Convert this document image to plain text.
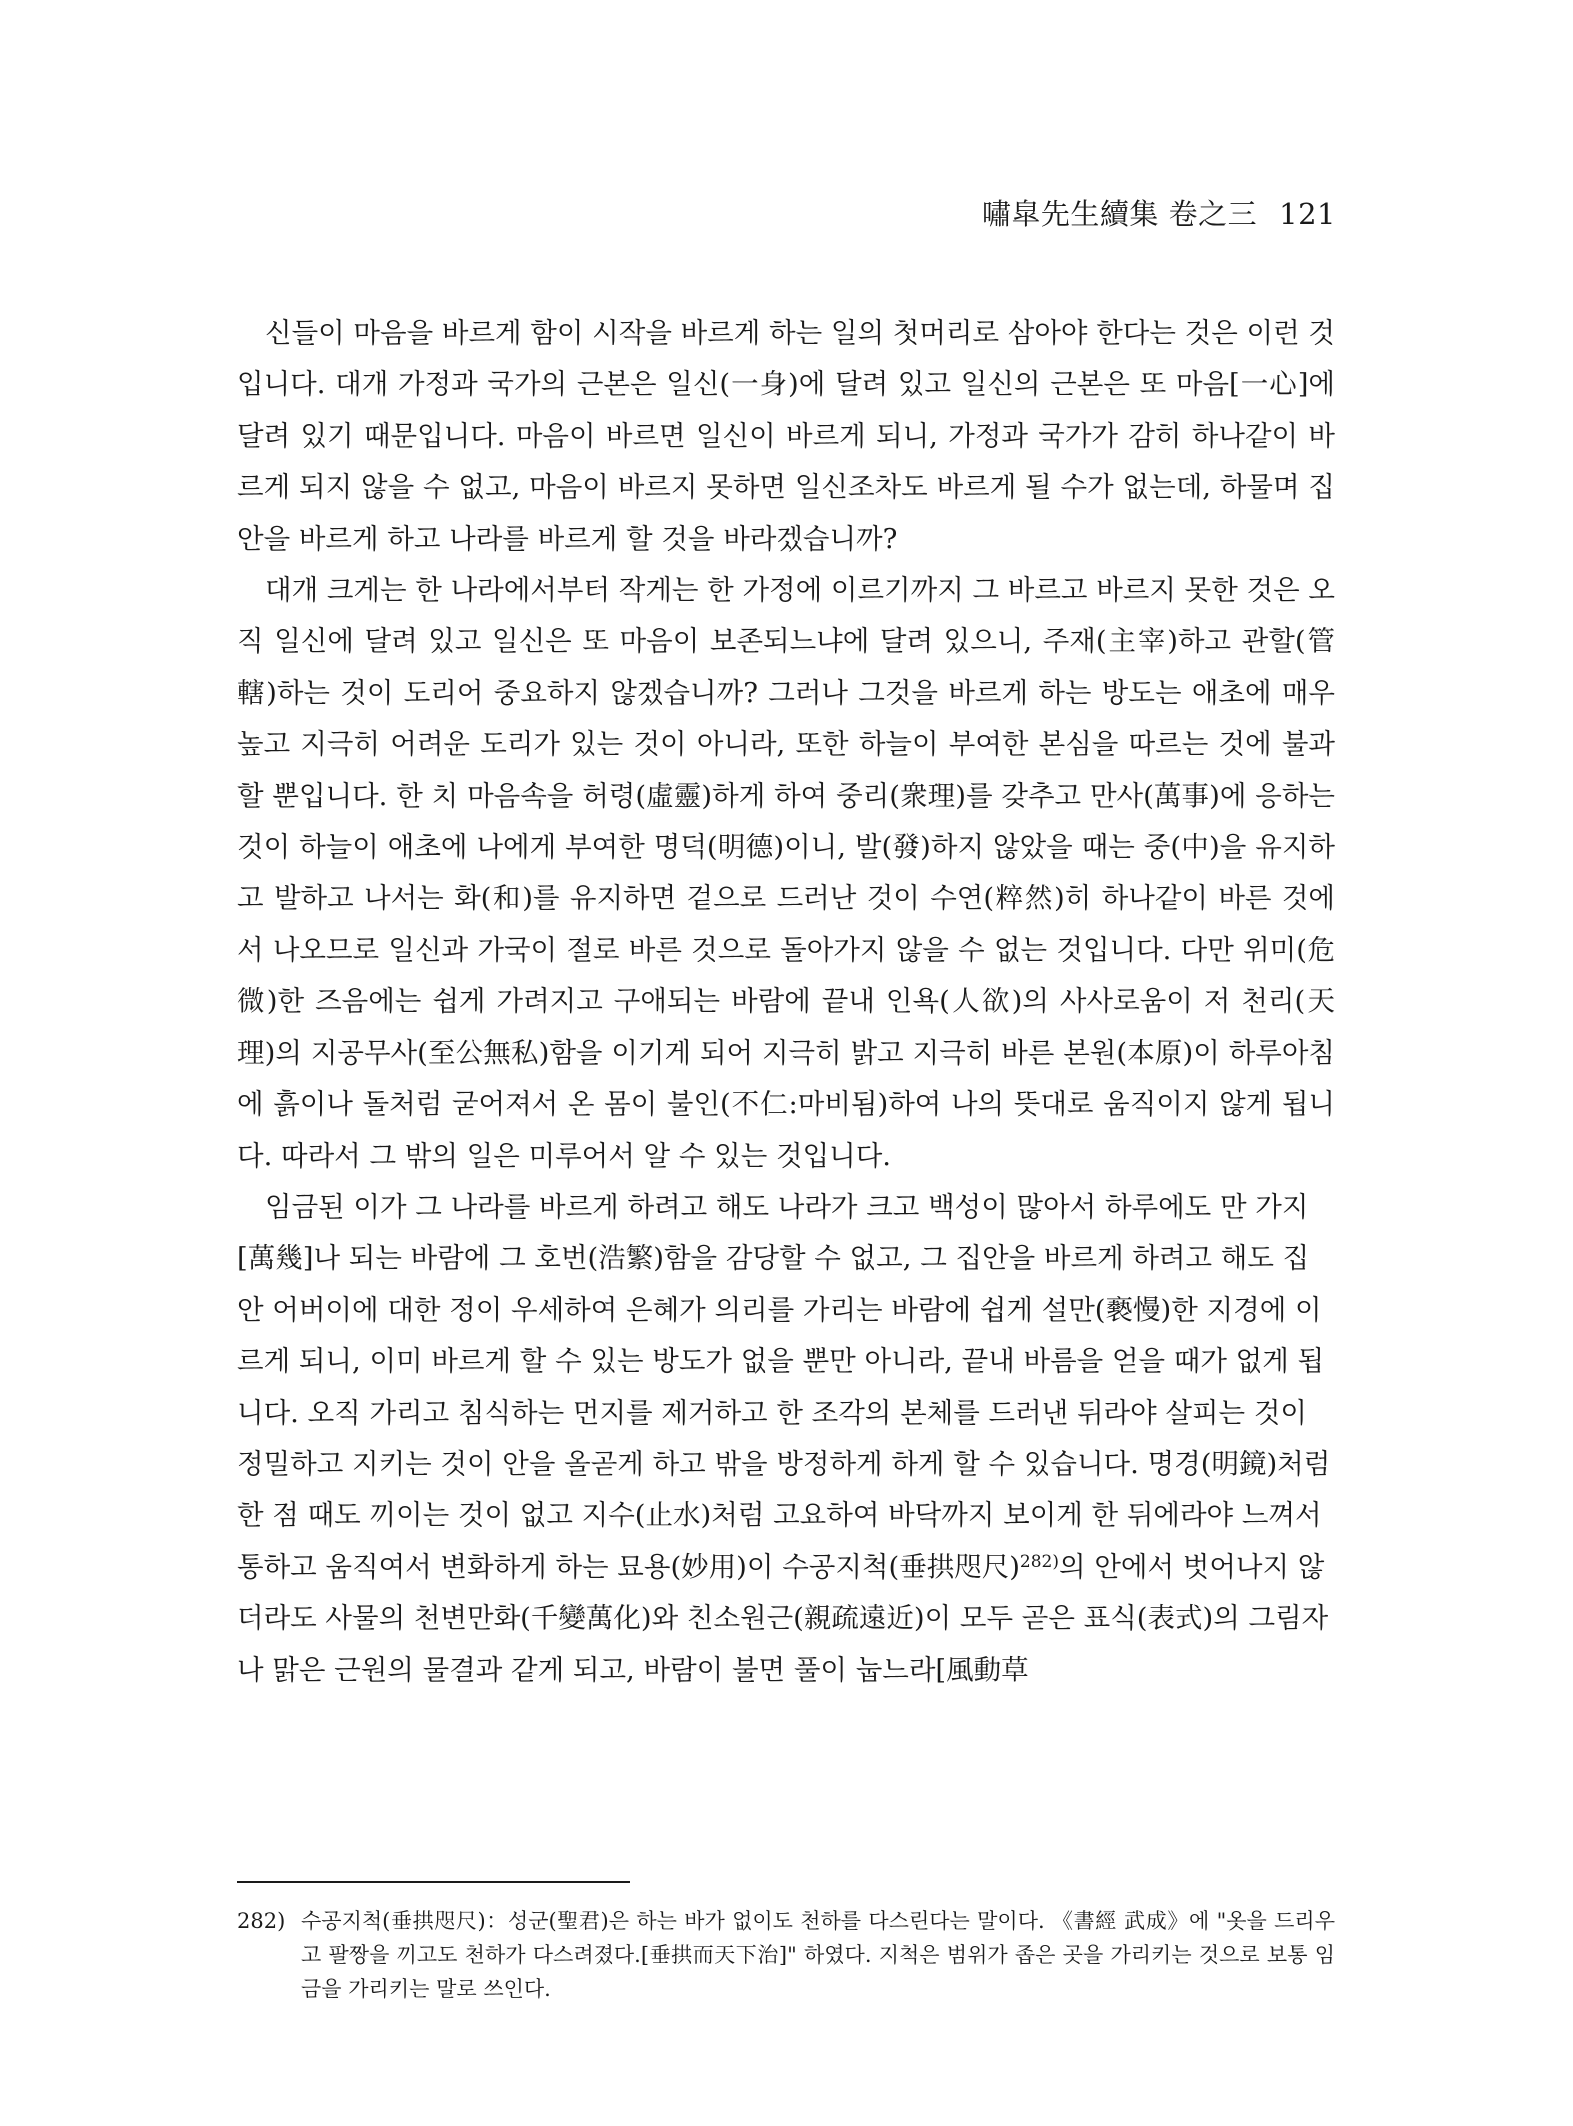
嘯皐先生續集 卷之三 121

신들이 마음을 바르게 함이 시작을 바르게 하는 일의 첫머리로 삼아야 한다는 것은 이런 것입니다. 대개 가정과 국가의 근본은 일신(一身)에 달려 있고 일신의 근본은 또 마음[一心]에 달려 있기 때문입니다. 마음이 바르면 일신이 바르게 되니, 가정과 국가가 감히 하나같이 바르게 되지 않을 수 없고, 마음이 바르지 못하면 일신조차도 바르게 될 수가 없는데, 하물며 집안을 바르게 하고 나라를 바르게 할 것을 바라겠습니까?

대개 크게는 한 나라에서부터 작게는 한 가정에 이르기까지 그 바르고 바르지 못한 것은 오직 일신에 달려 있고 일신은 또 마음이 보존되느냐에 달려 있으니, 주재(主宰)하고 관할(管轄)하는 것이 도리어 중요하지 않겠습니까? 그러나 그것을 바르게 하는 방도는 애초에 매우 높고 지극히 어려운 도리가 있는 것이 아니라, 또한 하늘이 부여한 본심을 따르는 것에 불과할 뿐입니다. 한 치 마음속을 허령(虛靈)하게 하여 중리(衆理)를 갖추고 만사(萬事)에 응하는 것이 하늘이 애초에 나에게 부여한 명덕(明德)이니, 발(發)하지 않았을 때는 중(中)을 유지하고 발하고 나서는 화(和)를 유지하면 겉으로 드러난 것이 수연(粹然)히 하나같이 바른 것에서 나오므로 일신과 가국이 절로 바른 것으로 돌아가지 않을 수 없는 것입니다. 다만 위미(危微)한 즈음에는 쉽게 가려지고 구애되는 바람에 끝내 인욕(人欲)의 사사로움이 저 천리(天理)의 지공무사(至公無私)함을 이기게 되어 지극히 밝고 지극히 바른 본원(本原)이 하루아침에 흙이나 돌처럼 굳어져서 온 몸이 불인(不仁:마비됨)하여 나의 뜻대로 움직이지 않게 됩니다. 따라서 그 밖의 일은 미루어서 알 수 있는 것입니다.

임금된 이가 그 나라를 바르게 하려고 해도 나라가 크고 백성이 많아서 하루에도 만 가지[萬幾]나 되는 바람에 그 호번(浩繁)함을 감당할 수 없고, 그 집안을 바르게 하려고 해도 집안 어버이에 대한 정이 우세하여 은혜가 의리를 가리는 바람에 쉽게 설만(褻慢)한 지경에 이르게 되니, 이미 바르게 할 수 있는 방도가 없을 뿐만 아니라, 끝내 바름을 얻을 때가 없게 됩니다. 오직 가리고 침식하는 먼지를 제거하고 한 조각의 본체를 드러낸 뒤라야 살피는 것이 정밀하고 지키는 것이 안을 올곧게 하고 밖을 방정하게 하게 할 수 있습니다. 명경(明鏡)처럼 한 점 때도 끼이는 것이 없고 지수(止水)처럼 고요하여 바닥까지 보이게 한 뒤에라야 느껴서 통하고 움직여서 변화하게 하는 묘용(妙用)이 수공지척(垂拱咫尺)$^{282)}$의 안에서 벗어나지 않더라도 사물의 천변만화(千變萬化)와 친소원근(親疏遠近)이 모두 곧은 표식(表式)의 그림자나 맑은 근원의 물결과 같게 되고, 바람이 불면 풀이 눕느라[風動草

282) 수공지척(垂拱咫尺)：성군(聖君)은 하는 바가 없이도 천하를 다스린다는 말이다. 《書經 武成》에 "옷을 드리우고 팔짱을 끼고도 천하가 다스려졌다.[垂拱而天下治]" 하였다. 지척은 범위가 좁은 곳을 가리키는 것으로 보통 임금을 가리키는 말로 쓰인다.
